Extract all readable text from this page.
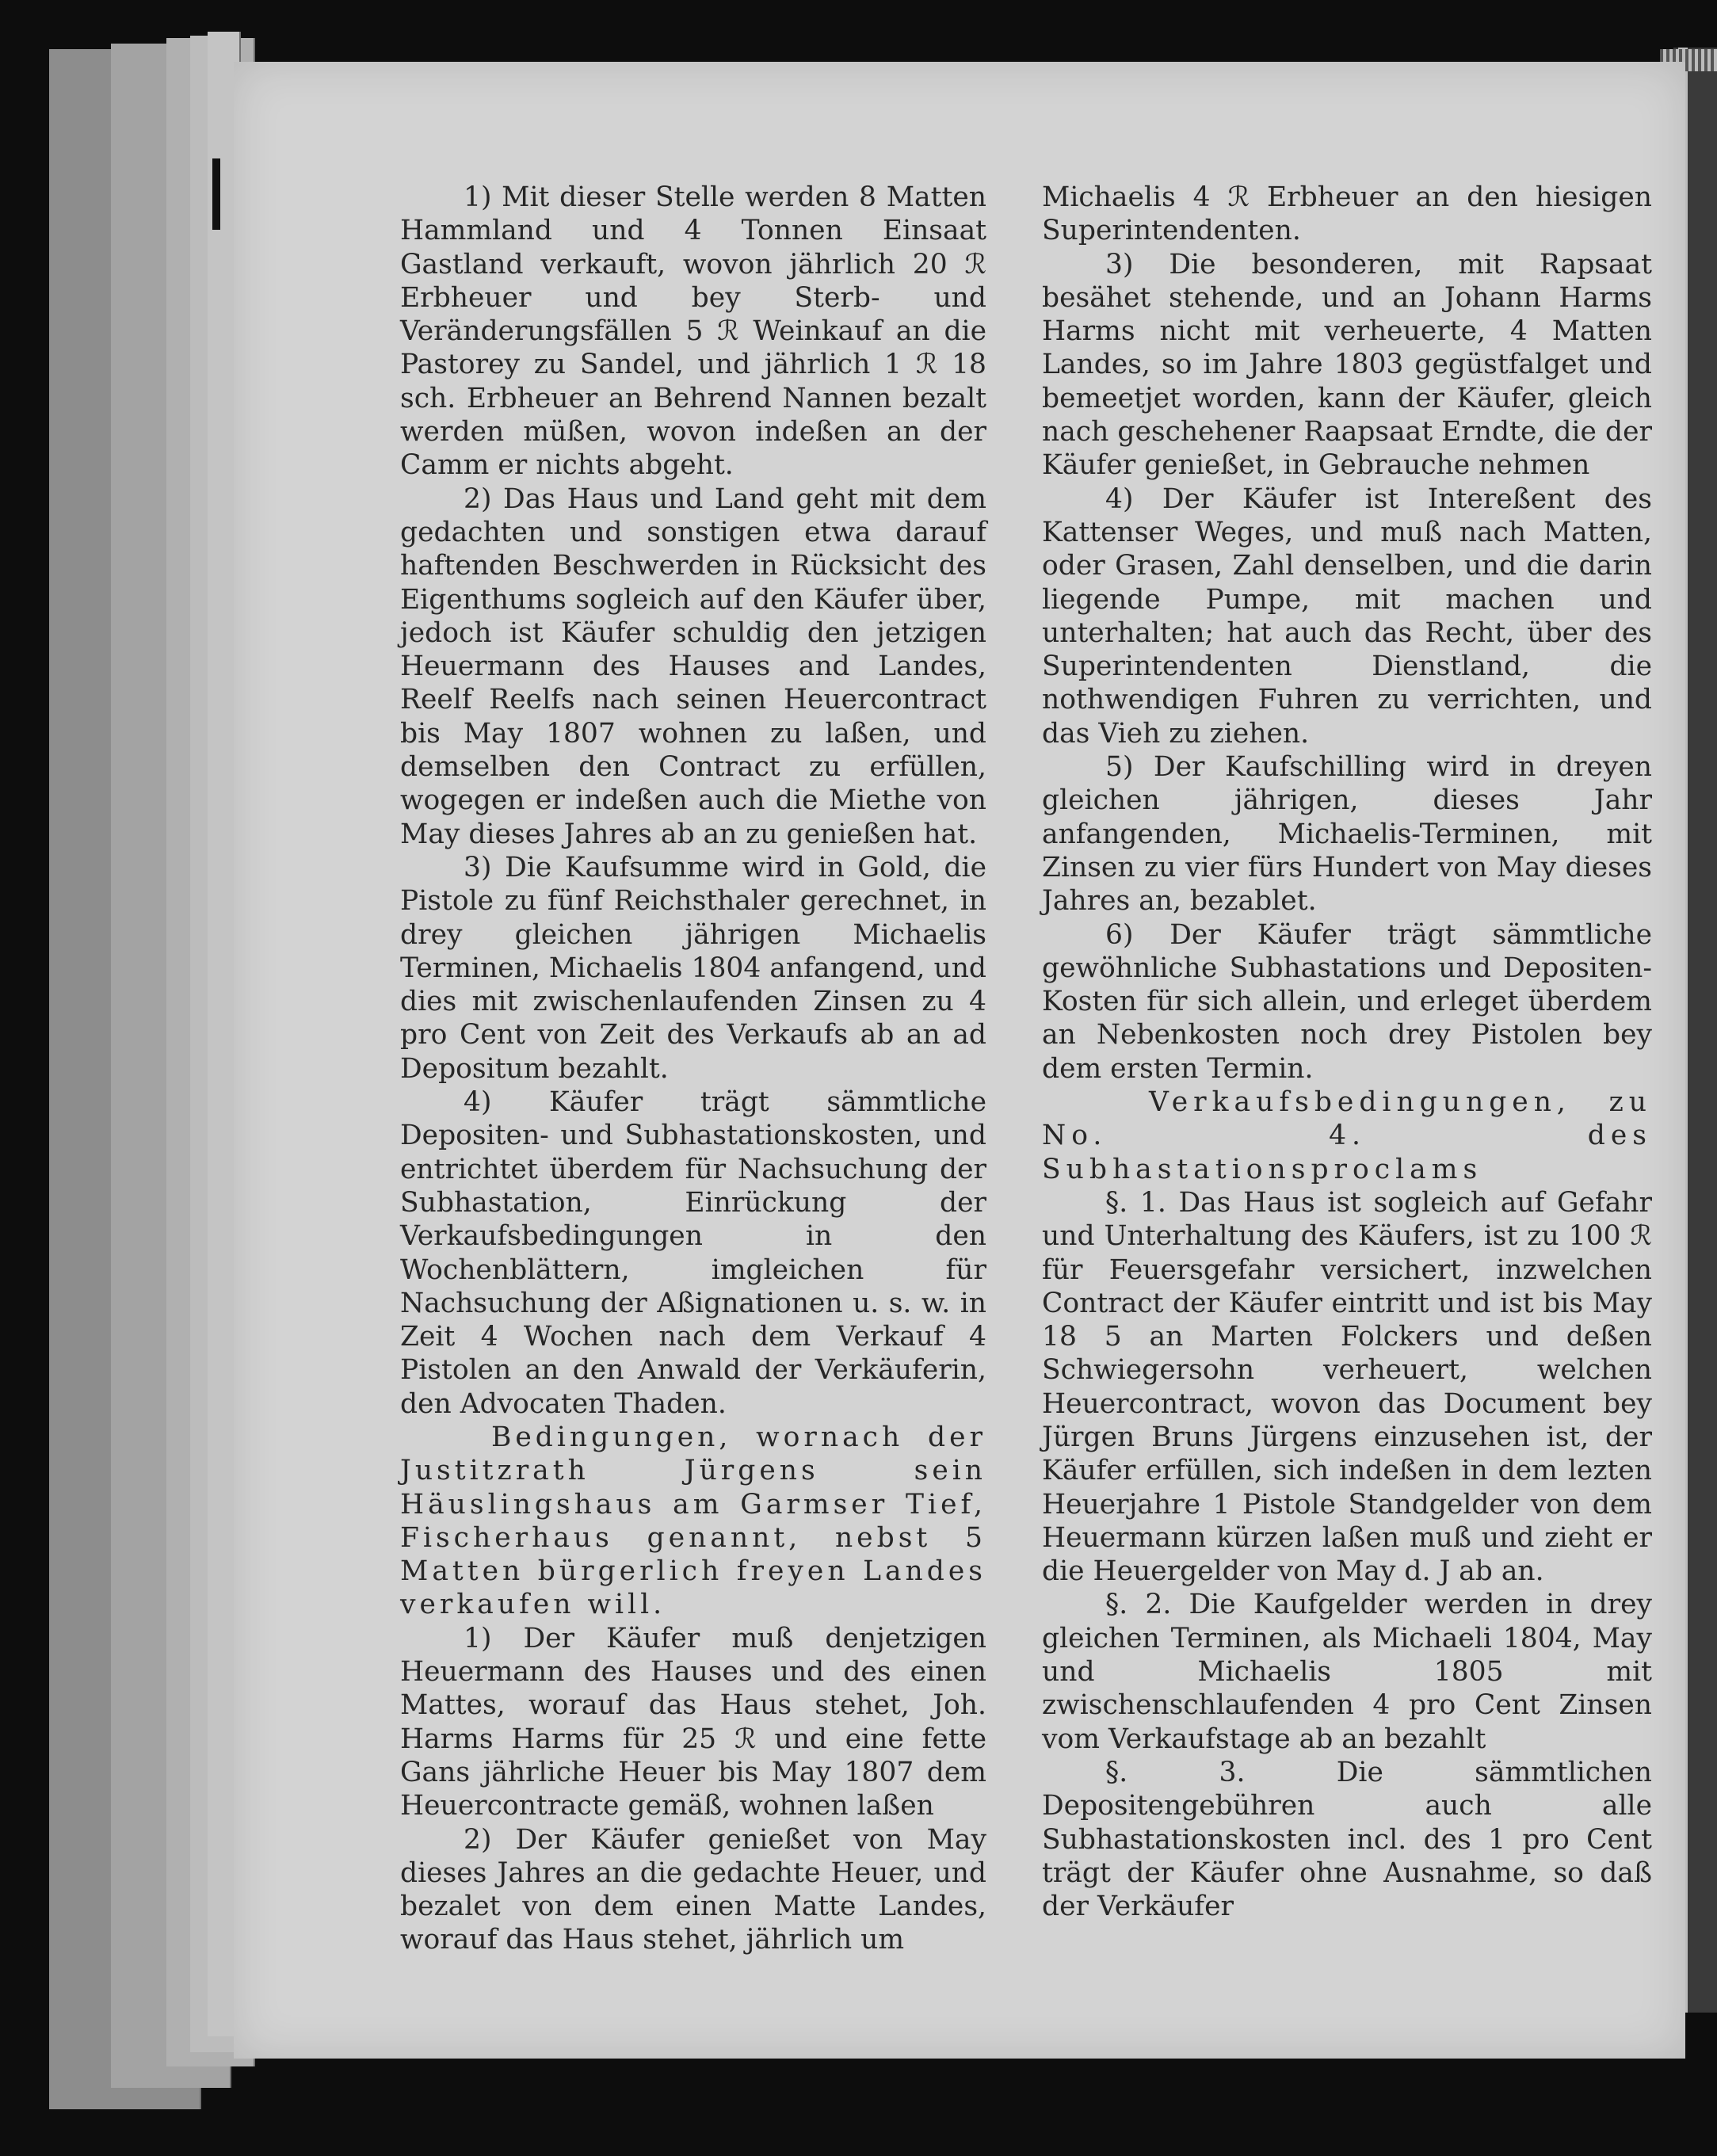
1) Mit dieser Stelle werden 8 Matten Hammland und 4 Tonnen Einsaat Gastland verkauft, wovon jährlich 20 ℛ Erbheuer und bey Sterb- und Veränderungsfällen 5 ℛ Weinkauf an die Pastorey zu Sandel, und jährlich 1 ℛ 18 sch. Erbheuer an Behrend Nannen bezalt werden müßen, wovon indeßen an der Camm er nichts abgeht.

2) Das Haus und Land geht mit dem gedachten und sonstigen etwa darauf haftenden Beschwerden in Rücksicht des Eigenthums sogleich auf den Käufer über, jedoch ist Käufer schuldig den jetzigen Heuermann des Hauses and Landes, Reelf Reelfs nach seinen Heuercontract bis May 1807 wohnen zu laßen, und demselben den Contract zu erfüllen, wogegen er indeßen auch die Miethe von May dieses Jahres ab an zu genießen hat.

3) Die Kaufsumme wird in Gold, die Pistole zu fünf Reichsthaler gerechnet, in drey gleichen jährigen Michaelis Terminen, Michaelis 1804 anfangend, und dies mit zwischenlaufenden Zinsen zu 4 pro Cent von Zeit des Verkaufs ab an ad Depositum bezahlt.

4) Käufer trägt sämmtliche Depositen- und Subhastationskosten, und entrichtet überdem für Nachsuchung der Subhastation, Einrückung der Verkaufsbedingungen in den Wochenblättern, imgleichen für Nachsuchung der Aßignationen u. s. w. in Zeit 4 Wochen nach dem Verkauf 4 Pistolen an den Anwald der Verkäuferin, den Advocaten Thaden.

Bedingungen, wornach der Justitzrath Jürgens sein Häuslingshaus am Garmser Tief, Fischerhaus genannt, nebst 5 Matten bürgerlich freyen Landes verkaufen will.

1) Der Käufer muß denjetzigen Heuermann des Hauses und des einen Mattes, worauf das Haus stehet, Joh. Harms Harms für 25 ℛ und eine fette Gans jährliche Heuer bis May 1807 dem Heuercontracte gemäß, wohnen laßen

2) Der Käufer genießet von May dieses Jahres an die gedachte Heuer, und bezalet von dem einen Matte Landes, worauf das Haus stehet, jährlich um

Michaelis 4 ℛ Erbheuer an den hiesigen Superintendenten.

3) Die besonderen, mit Rapsaat besähet stehende, und an Johann Harms Harms nicht mit verheuerte, 4 Matten Landes, so im Jahre 1803 gegüstfalget und bemeetjet worden, kann der Käufer, gleich nach geschehener Raapsaat Erndte, die der Käufer genießet, in Gebrauche nehmen

4) Der Käufer ist Intereßent des Kattenser Weges, und muß nach Matten, oder Grasen, Zahl denselben, und die darin liegende Pumpe, mit machen und unterhalten; hat auch das Recht, über des Superintendenten Dienstland, die nothwendigen Fuhren zu verrichten, und das Vieh zu ziehen.

5) Der Kaufschilling wird in dreyen gleichen jährigen, dieses Jahr anfangenden, Michaelis-Terminen, mit Zinsen zu vier fürs Hundert von May dieses Jahres an, bezablet.

6) Der Käufer trägt sämmtliche gewöhnliche Subhastations und Depositen-Kosten für sich allein, und erleget überdem an Nebenkosten noch drey Pistolen bey dem ersten Termin.

Verkaufsbedingungen, zu No. 4. des Subhastationsproclams

§. 1. Das Haus ist sogleich auf Gefahr und Unterhaltung des Käufers, ist zu 100 ℛ für Feuersgefahr versichert, inzwelchen Contract der Käufer eintritt und ist bis May 18 5 an Marten Folckers und deßen Schwiegersohn verheuert, welchen Heuercontract, wovon das Document bey Jürgen Bruns Jürgens einzusehen ist, der Käufer erfüllen, sich indeßen in dem lezten Heuerjahre 1 Pistole Standgelder von dem Heuermann kürzen laßen muß und zieht er die Heuergelder von May d. J ab an.

§. 2. Die Kaufgelder werden in drey gleichen Terminen, als Michaeli 1804, May und Michaelis 1805 mit zwischenschlaufenden 4 pro Cent Zinsen vom Verkaufstage ab an bezahlt

§. 3. Die sämmtlichen Depositengebühren auch alle Subhastationskosten incl. des 1 pro Cent trägt der Käufer ohne Ausnahme, so daß der Verkäufer
